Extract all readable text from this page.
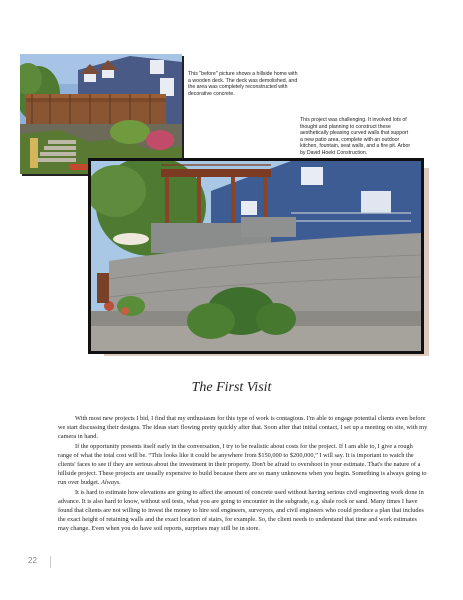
This "before" picture shows a hillside home with a wooden deck. The deck was demolished, and the area was completely reconstructed with decorative concrete.
This project was challenging. It involved lots of thought and planning to construct these aesthetically pleasing curved walls that support a new patio area, complete with an outdoor kitchen, fountain, seat walls, and a fire pit. Arbor by David Hoekt Construction.
The First Visit

With most new projects I bid, I find that my enthusiasm for this type of work is contagious. I'm able to engage potential clients even before we start discussing their designs. The ideas start flowing pretty quickly after that. Soon after that initial contact, I set up a meeting on site, with my camera in hand.

If the opportunity presents itself early in the conversation, I try to be realistic about costs for the project. If I am able to, I give a rough range of what the total cost will be. “This looks like it could be anywhere from $150,000 to $200,000,” I will say. It is important to watch the clients' faces to see if they are serious about the investment in their property. Don't be afraid to overshoot in your estimate. That's the nature of a hillside project. These projects are usually expensive to build because there are so many unknowns when you begin. Something is always going to run over budget. Always.

It is hard to estimate how elevations are going to affect the amount of concrete used without having serious civil engineering work done in advance. It is also hard to know, without soil tests, what you are going to encounter in the subgrade, e.g. shale rock or sand. Many times I have found that clients are not willing to invest the money to hire soil engineers, surveyors, and civil engineers who could produce a plan that includes the exact height of retaining walls and the exact location of stairs, for example. So, the client needs to understand that time and work estimates may change. Even when you do have soil reports, surprises may still be in store.

22
